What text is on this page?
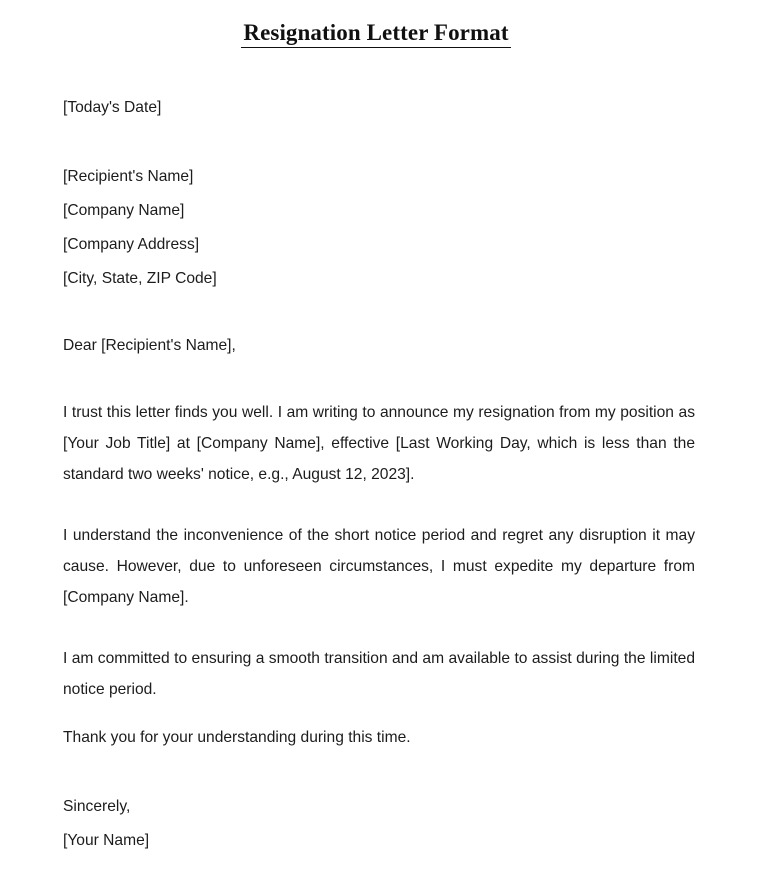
Resignation Letter Format

[Today's Date]

[Recipient's Name]

[Company Name]

[Company Address]

[City, State, ZIP Code]

Dear [Recipient's Name],

I trust this letter finds you well. I am writing to announce my resignation from my position as [Your Job Title] at [Company Name], effective [Last Working Day, which is less than the standard two weeks' notice, e.g., August 12, 2023].

I understand the inconvenience of the short notice period and regret any disruption it may cause. However, due to unforeseen circumstances, I must expedite my departure from [Company Name].

I am committed to ensuring a smooth transition and am available to assist during the limited notice period.

Thank you for your understanding during this time.

Sincerely,

[Your Name]
